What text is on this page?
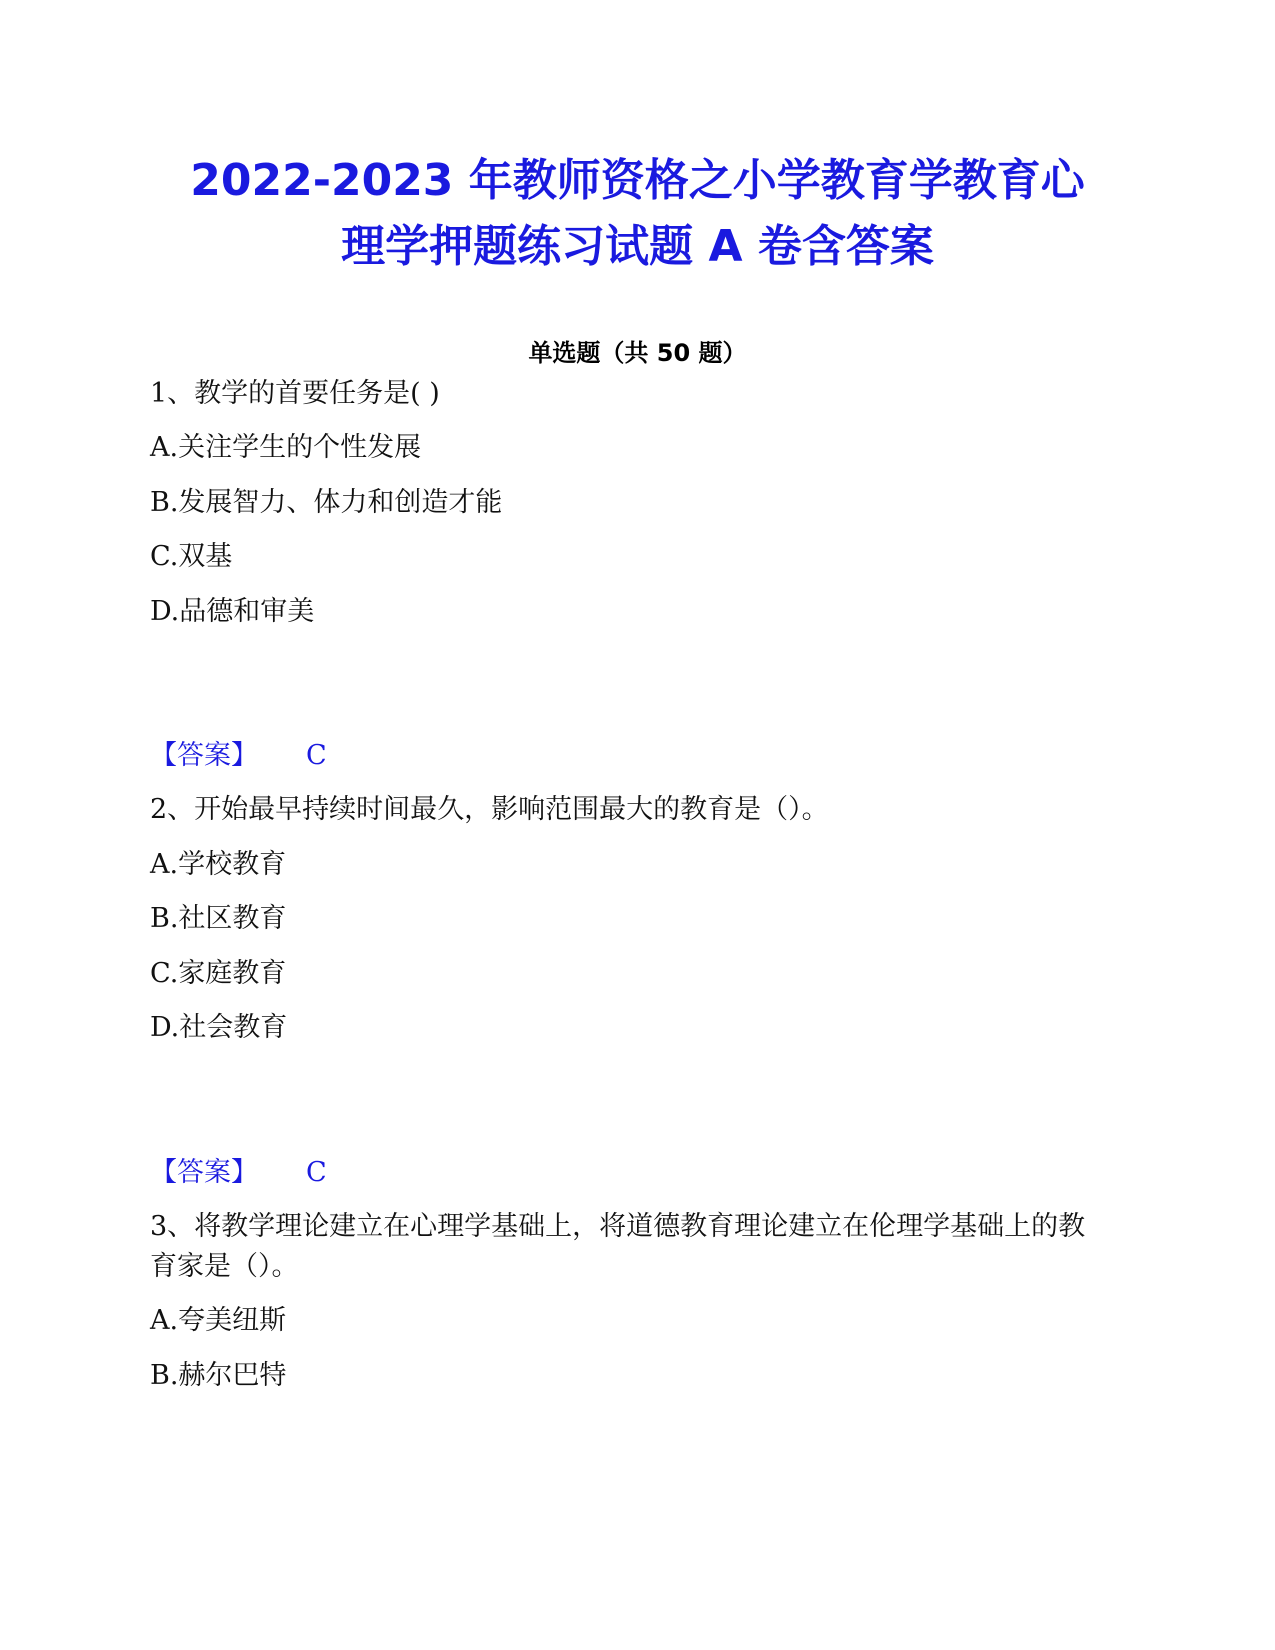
2022-2023 年教师资格之小学教育学教育心
理学押题练习试题 A 卷含答案
单选题（共 50 题）
1、教学的首要任务是( )
A.关注学生的个性发展
B.发展智力、体力和创造才能
C.双基
D.品德和审美
【答案】 C
2、开始最早持续时间最久，影响范围最大的教育是（）。
A.学校教育
B.社区教育
C.家庭教育
D.社会教育
【答案】 C
3、将教学理论建立在心理学基础上，将道德教育理论建立在伦理学基础上的教育家是（）。
A.夸美纽斯
B.赫尔巴特
